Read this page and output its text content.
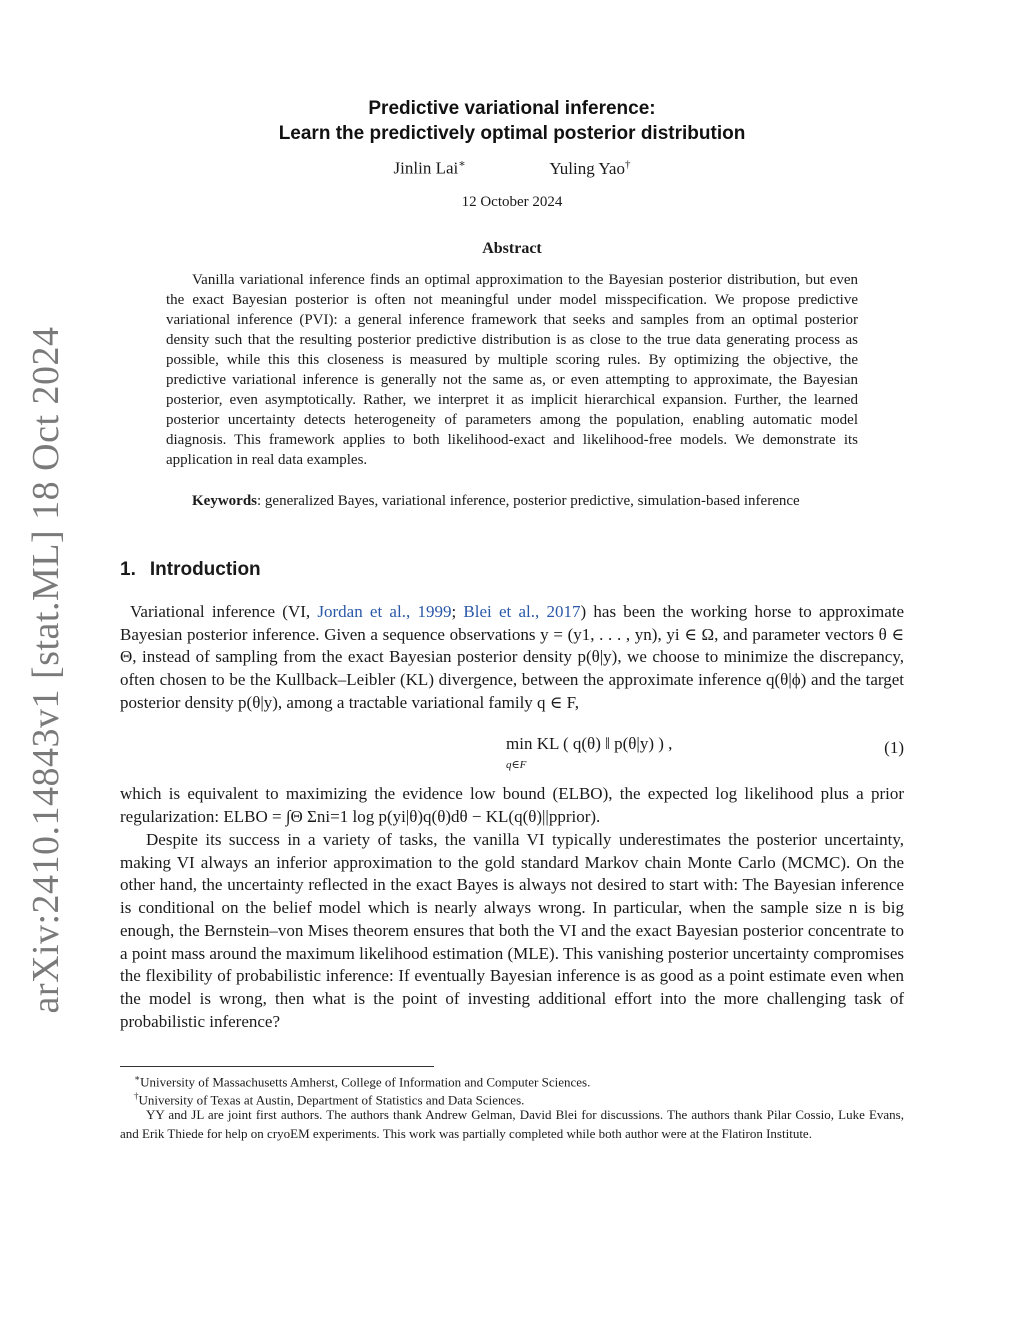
arXiv:2410.14843v1 [stat.ML] 18 Oct 2024
Predictive variational inference:
Learn the predictively optimal posterior distribution
Jinlin Lai∗	Yuling Yao†
12 October 2024
Abstract
Vanilla variational inference finds an optimal approximation to the Bayesian posterior distribution, but even the exact Bayesian posterior is often not meaningful under model misspecification. We propose predictive variational inference (PVI): a general inference framework that seeks and samples from an optimal posterior density such that the resulting posterior predictive distribution is as close to the true data generating process as possible, while this this closeness is measured by multiple scoring rules. By optimizing the objective, the predictive variational inference is generally not the same as, or even attempting to approximate, the Bayesian posterior, even asymptotically. Rather, we interpret it as implicit hierarchical expansion. Further, the learned posterior uncertainty detects heterogeneity of parameters among the population, enabling automatic model diagnosis. This framework applies to both likelihood-exact and likelihood-free models. We demonstrate its application in real data examples.
Keywords: generalized Bayes, variational inference, posterior predictive, simulation-based inference
1. Introduction
Variational inference (VI, Jordan et al., 1999; Blei et al., 2017) has been the working horse to approximate Bayesian posterior inference. Given a sequence observations y = (y1, . . . , yn), yi ∈ Ω, and parameter vectors θ ∈ Θ, instead of sampling from the exact Bayesian posterior density p(θ|y), we choose to minimize the discrepancy, often chosen to be the Kullback–Leibler (KL) divergence, between the approximate inference q(θ|ϕ) and the target posterior density p(θ|y), among a tractable variational family q ∈ F,
min KL ( q(θ) ‖ p(θ|y) ) ,
q∈F
(1)
which is equivalent to maximizing the evidence low bound (ELBO), the expected log likelihood plus a prior regularization: ELBO = ∫Θ Σni=1 log p(yi|θ)q(θ)dθ − KL(q(θ)||pprior).
Despite its success in a variety of tasks, the vanilla VI typically underestimates the posterior uncertainty, making VI always an inferior approximation to the gold standard Markov chain Monte Carlo (MCMC). On the other hand, the uncertainty reflected in the exact Bayes is always not desired to start with: The Bayesian inference is conditional on the belief model which is nearly always wrong. In particular, when the sample size n is big enough, the Bernstein–von Mises theorem ensures that both the VI and the exact Bayesian posterior concentrate to a point mass around the maximum likelihood estimation (MLE). This vanishing posterior uncertainty compromises the flexibility of probabilistic inference: If eventually Bayesian inference is as good as a point estimate even when the model is wrong, then what is the point of investing additional effort into the more challenging task of probabilistic inference?
∗University of Massachusetts Amherst, College of Information and Computer Sciences.
†University of Texas at Austin, Department of Statistics and Data Sciences.
YY and JL are joint first authors. The authors thank Andrew Gelman, David Blei for discussions. The authors thank Pilar Cossio, Luke Evans, and Erik Thiede for help on cryoEM experiments. This work was partially completed while both author were at the Flatiron Institute.
